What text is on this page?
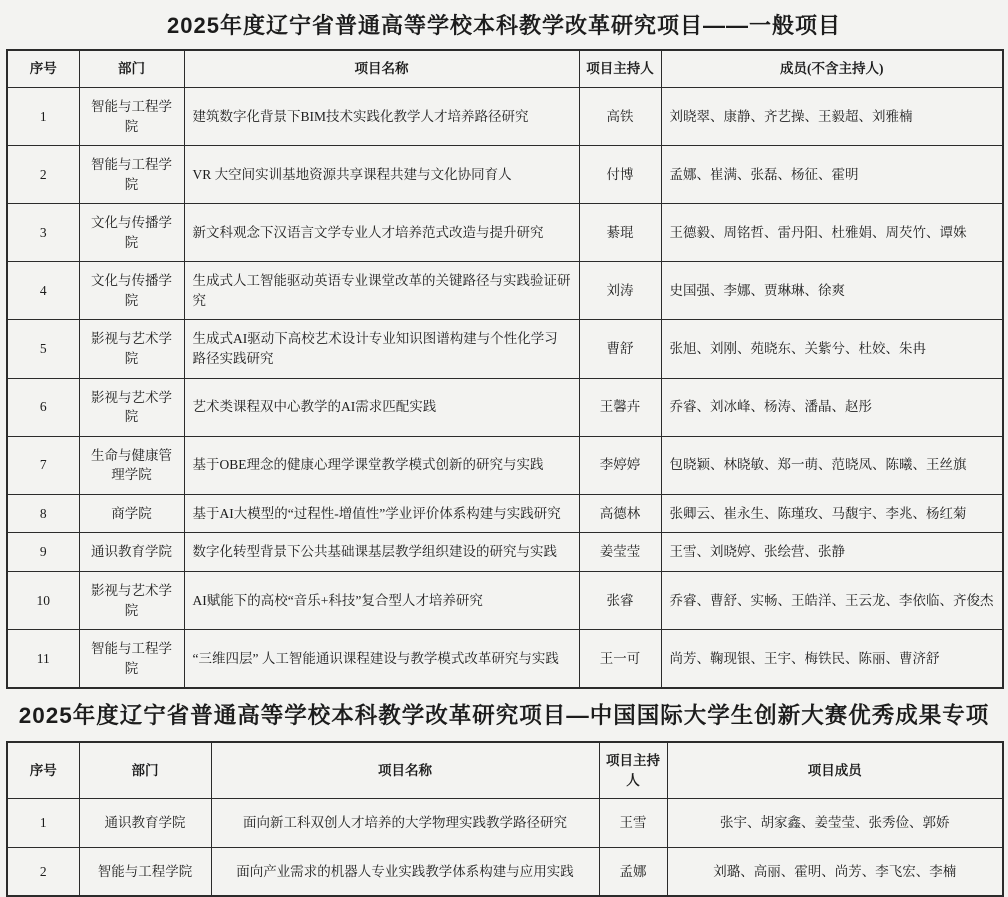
2025年度辽宁省普通高等学校本科教学改革研究项目——一般项目
序号	部门	项目名称	项目主持人	成员(不含主持人)
1	智能与工程学院	建筑数字化背景下BIM技术实践化教学人才培养路径研究	高铁	刘晓翠、康静、齐艺操、王毅超、刘雅楠
2	智能与工程学院	VR 大空间实训基地资源共享课程共建与文化协同育人	付博	孟娜、崔满、张磊、杨征、霍明
3	文化与传播学院	新文科观念下汉语言文学专业人才培养范式改造与提升研究	綦琨	王德毅、周铭哲、雷丹阳、杜雅娟、周芡竹、谭姝
4	文化与传播学院	生成式人工智能驱动英语专业课堂改革的关键路径与实践验证研究	刘涛	史国强、李娜、贾琳琳、徐爽
5	影视与艺术学院	生成式AI驱动下高校艺术设计专业知识图谱构建与个性化学习路径实践研究	曹舒	张旭、刘刚、苑晓东、关紫兮、杜姣、朱冉
6	影视与艺术学院	艺术类课程双中心教学的AI需求匹配实践	王馨卉	乔睿、刘冰峰、杨涛、潘晶、赵彤
7	生命与健康管理学院	基于OBE理念的健康心理学课堂教学模式创新的研究与实践	李婷婷	包晓颖、林晓敏、郑一萌、范晓凤、陈曦、王丝旗
8	商学院	基于AI大模型的“过程性-增值性”学业评价体系构建与实践研究	高德林	张卿云、崔永生、陈瑾玫、马馥宇、李兆、杨红菊
9	通识教育学院	数字化转型背景下公共基础课基层教学组织建设的研究与实践	姜莹莹	王雪、刘晓婷、张绘营、张静
10	影视与艺术学院	AI赋能下的高校“音乐+科技”复合型人才培养研究	张睿	乔睿、曹舒、实畅、王皓洋、王云龙、李依临、齐俊杰
11	智能与工程学院	“三维四层” 人工智能通识课程建设与教学模式改革研究与实践	王一可	尚芳、鞠现银、王宇、梅铁民、陈丽、曹济舒
2025年度辽宁省普通高等学校本科教学改革研究项目—中国国际大学生创新大赛优秀成果专项
序号	部门	项目名称	项目主持人	项目成员
1	通识教育学院	面向新工科双创人才培养的大学物理实践教学路径研究	王雪	张宇、胡家鑫、姜莹莹、张秀俭、郭娇
2	智能与工程学院	面向产业需求的机器人专业实践教学体系构建与应用实践	孟娜	刘璐、高丽、霍明、尚芳、李飞宏、李楠
